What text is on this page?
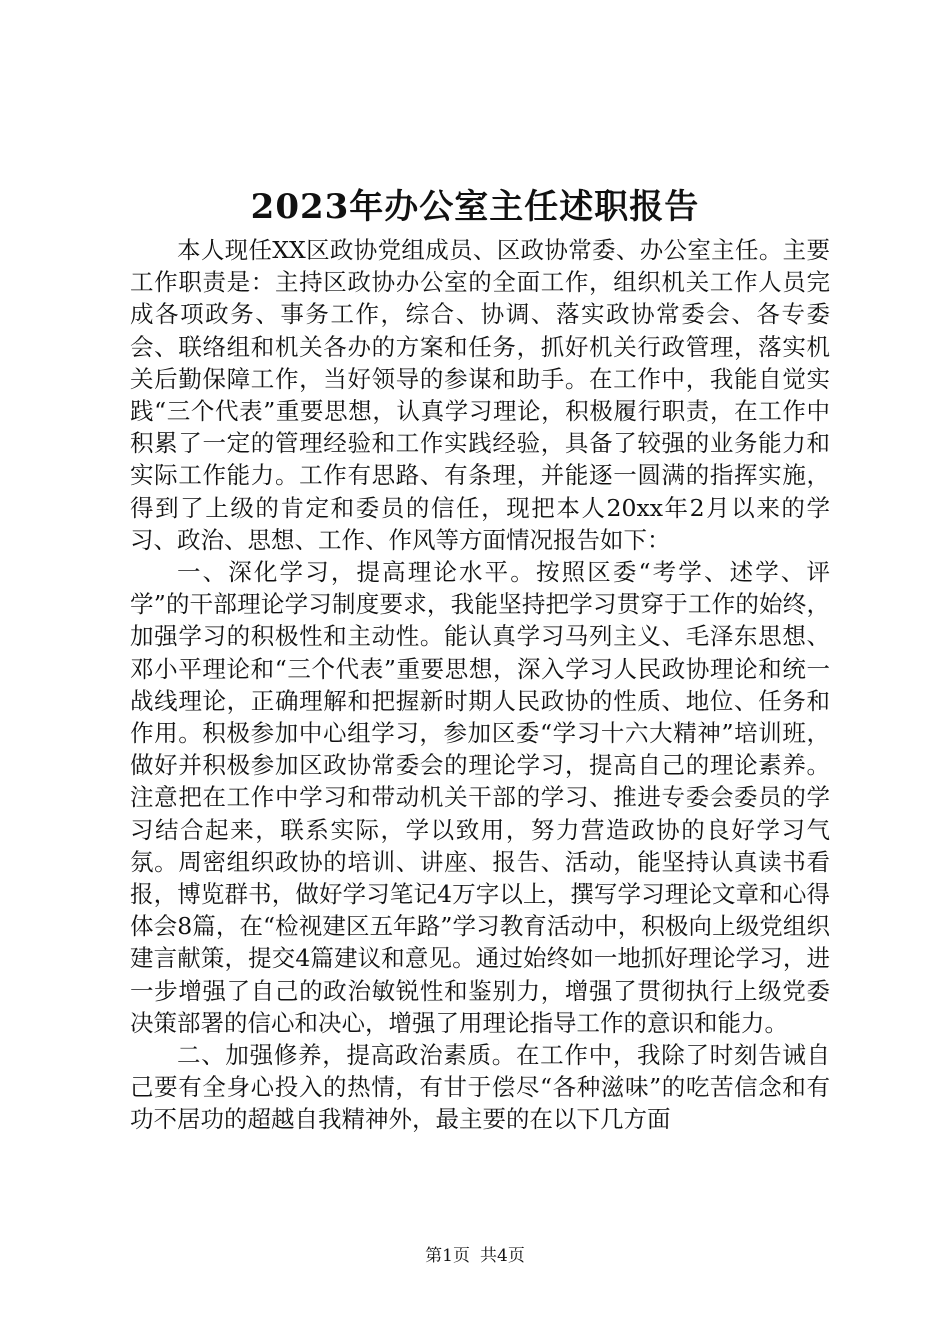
2023年办公室主任述职报告

本人现任XX区政协党组成员、区政协常委、办公室主任。主要工作职责是：主持区政协办公室的全面工作，组织机关工作人员完成各项政务、事务工作，综合、协调、落实政协常委会、各专委会、联络组和机关各办的方案和任务，抓好机关行政管理，落实机关后勤保障工作，当好领导的参谋和助手。在工作中，我能自觉实践“三个代表”重要思想，认真学习理论，积极履行职责，在工作中积累了一定的管理经验和工作实践经验，具备了较强的业务能力和实际工作能力。工作有思路、有条理，并能逐一圆满的指挥实施，得到了上级的肯定和委员的信任，现把本人20xx年2月以来的学习、政治、思想、工作、作风等方面情况报告如下：

一、深化学习，提高理论水平。按照区委“考学、述学、评学”的干部理论学习制度要求，我能坚持把学习贯穿于工作的始终，加强学习的积极性和主动性。能认真学习马列主义、毛泽东思想、邓小平理论和“三个代表”重要思想，深入学习人民政协理论和统一战线理论，正确理解和把握新时期人民政协的性质、地位、任务和作用。积极参加中心组学习，参加区委“学习十六大精神”培训班，做好并积极参加区政协常委会的理论学习，提高自己的理论素养。注意把在工作中学习和带动机关干部的学习、推进专委会委员的学习结合起来，联系实际，学以致用，努力营造政协的良好学习气氛。周密组织政协的培训、讲座、报告、活动，能坚持认真读书看报，博览群书，做好学习笔记4万字以上，撰写学习理论文章和心得体会8篇，在“检视建区五年路”学习教育活动中，积极向上级党组织建言献策，提交4篇建议和意见。通过始终如一地抓好理论学习，进一步增强了自己的政治敏锐性和鉴别力，增强了贯彻执行上级党委决策部署的信心和决心，增强了用理论指导工作的意识和能力。

二、加强修养，提高政治素质。在工作中，我除了时刻告诫自己要有全身心投入的热情，有甘于偿尽“各种滋味”的吃苦信念和有功不居功的超越自我精神外，最主要的在以下几方面

第1页 共4页
